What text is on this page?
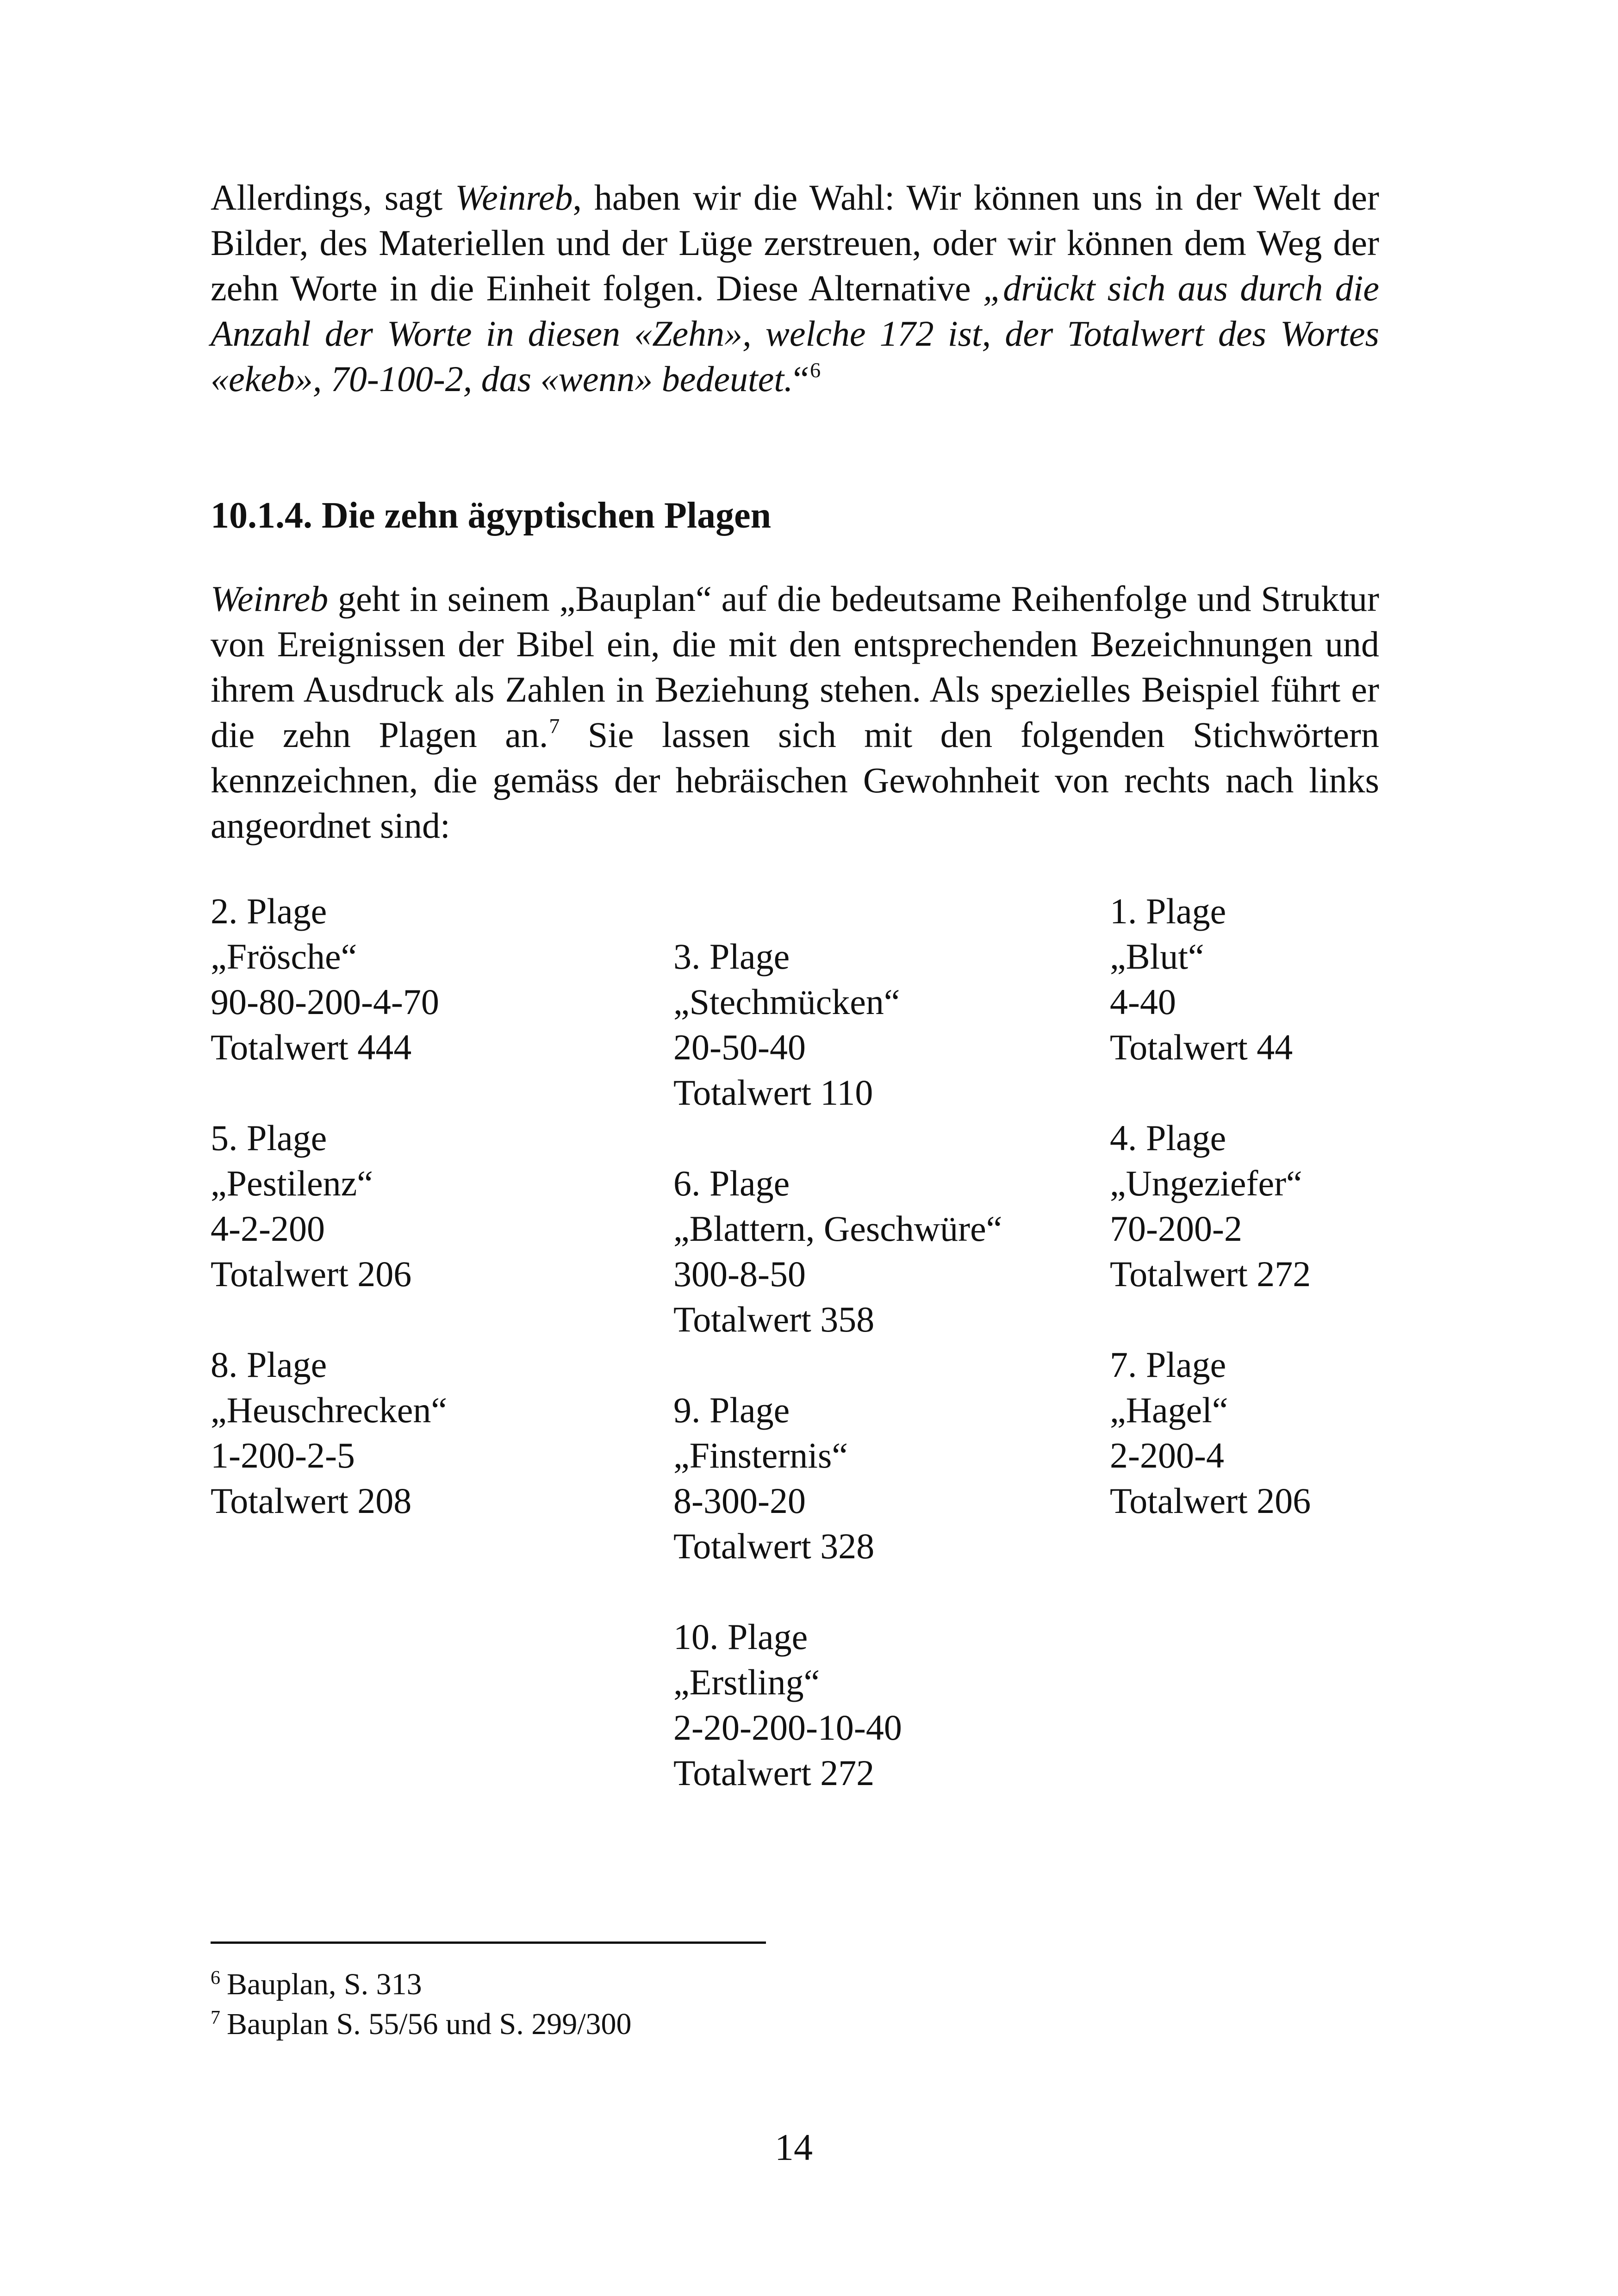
Allerdings, sagt Weinreb, haben wir die Wahl: Wir können uns in der Welt der Bilder, des Materiellen und der Lüge zerstreuen, oder wir können dem Weg der zehn Worte in die Einheit folgen. Diese Alternative „drückt sich aus durch die Anzahl der Worte in diesen «Zehn», welche 172 ist, der Totalwert des Wortes «ekeb», 70-100-2, das «wenn» bedeutet.“$^6$

10.1.4. Die zehn ägyptischen Plagen

Weinreb geht in seinem „Bauplan“ auf die bedeutsame Reihenfolge und Struktur von Ereignissen der Bibel ein, die mit den entsprechenden Bezeichnungen und ihrem Ausdruck als Zahlen in Beziehung stehen. Als spezielles Beispiel führt er die zehn Plagen an.$^7$ Sie lassen sich mit den folgenden Stichwörtern kennzeichnen, die gemäss der hebräischen Gewohnheit von rechts nach links angeordnet sind:

1. Plage
„Blut“
4-40
Totalwert 44
2. Plage
„Frösche“
90-80-200-4-70
Totalwert 444
3. Plage
„Stechmücken“
20-50-40
Totalwert 110
4. Plage
„Ungeziefer“
70-200-2
Totalwert 272
5. Plage
„Pestilenz“
4-2-200
Totalwert 206
6. Plage
„Blattern, Geschwüre“
300-8-50
Totalwert 358
7. Plage
„Hagel“
2-200-4
Totalwert 206
8. Plage
„Heuschrecken“
1-200-2-5
Totalwert 208
9. Plage
„Finsternis“
8-300-20
Totalwert 328
10. Plage
„Erstling“
2-20-200-10-40
Totalwert 272
$^6$ Bauplan, S. 313
$^7$ Bauplan S. 55/56 und S. 299/300
14
